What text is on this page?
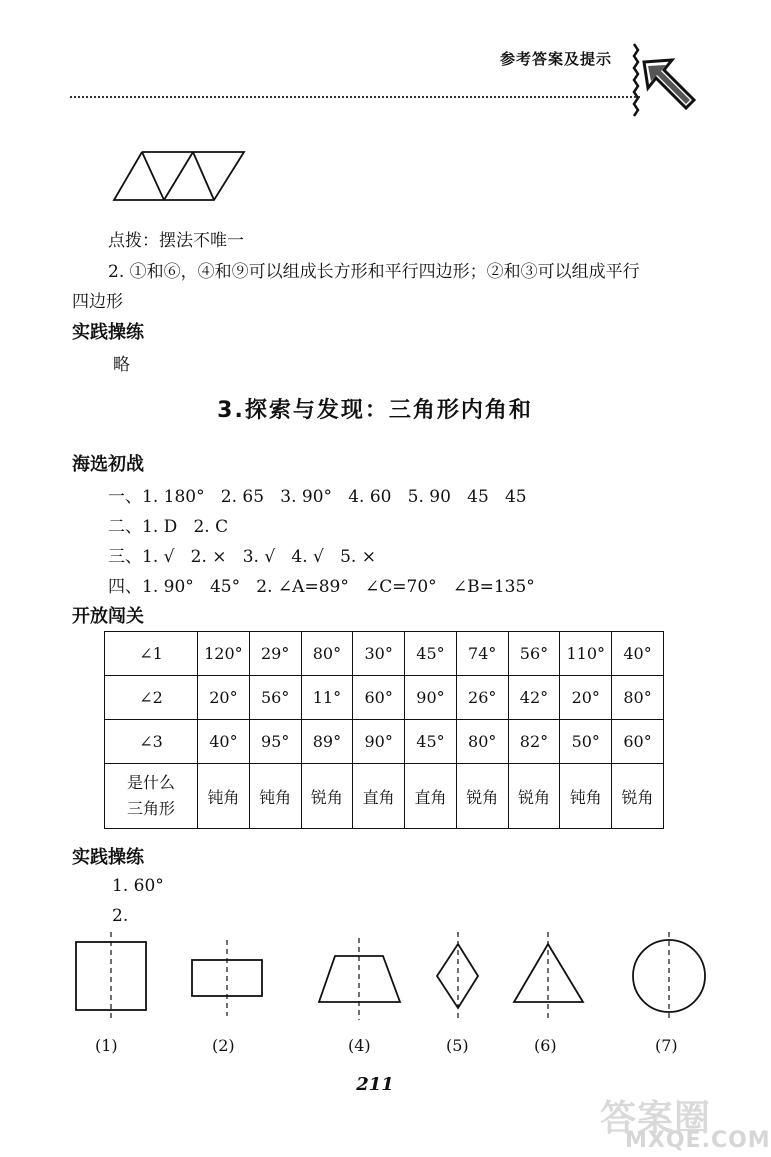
参考答案及提示
点拨：摆法不唯一
2. ①和⑥，④和⑨可以组成长方形和平行四边形；②和③可以组成平行
四边形
实践操练
略
3.探索与发现：三角形内角和
海选初战
一、1. 180°   2. 65   3. 90°   4. 60   5. 90   45   45
二、1. D   2. C
三、1. √   2. ×   3. √   4. √   5. ×
四、1. 90°   45°   2. ∠A=89°   ∠C=70°   ∠B=135°
开放闯关
∠1	120°	29°	80°	30°	45°	74°	56°	110°	40°
∠2	20°	56°	11°	60°	90°	26°	42°	20°	80°
∠3	40°	95°	89°	90°	45°	80°	82°	50°	60°

是什么
三角形	钝角	钝角	锐角	直角	直角	锐角	锐角	钝角	锐角
实践操练
1. 60°
2.
(1)	(2)	(4)	(5)	(6)	(7)
211
答案圈
MXQE.COM
